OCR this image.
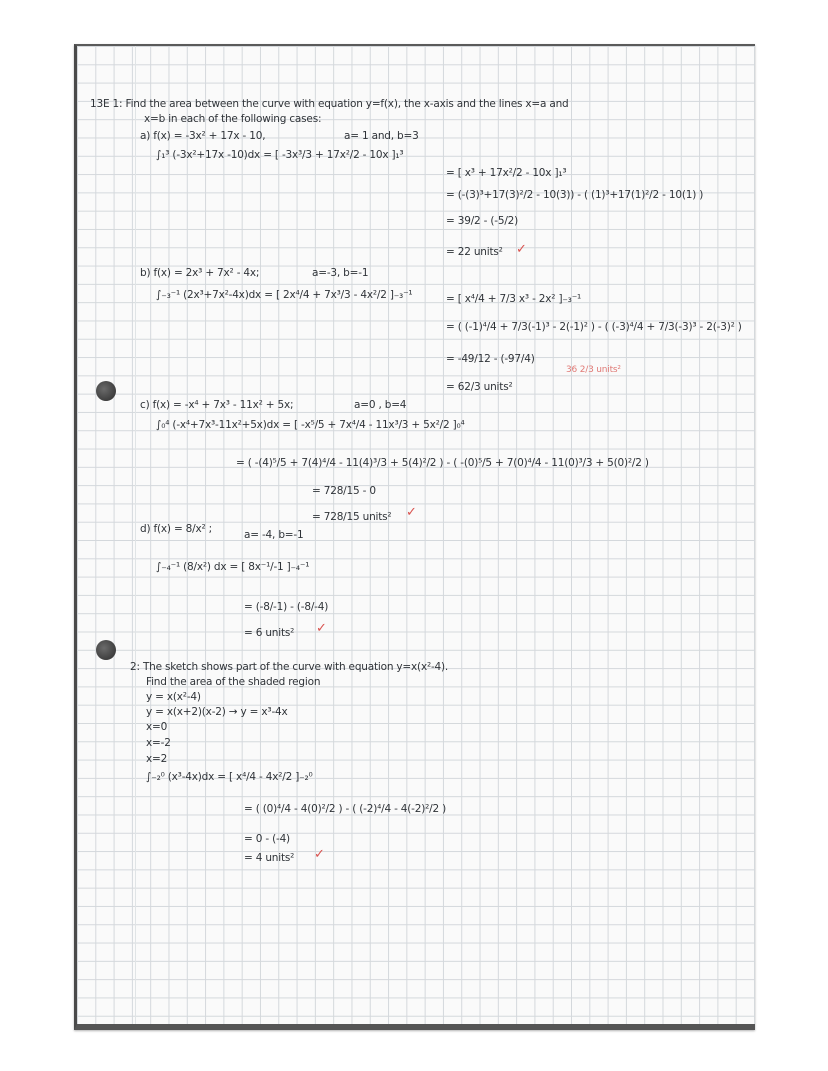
13E 1: Find the area between the curve with equation y=f(x), the x-axis and the lines x=a and
x=b in each of the following cases:
a) f(x) = -3x² + 17x - 10,	a= 1 and, b=3
∫₁³ (-3x²+17x -10)dx = [ -3x³/3 + 17x²/2 - 10x ]₁³
= [ x³ + 17x²/2 - 10x ]₁³
= (-(3)³+17(3)²/2 - 10(3)) - ( (1)³+17(1)²/2 - 10(1) )
= 39/2 - (-5/2)
= 22 units² ✓
b) f(x) = 2x³ + 7x² - 4x;	a=-3, b=-1
∫₋₃⁻¹ (2x³+7x²-4x)dx = [ 2x⁴/4 + 7x³/3 - 4x²/2 ]₋₃⁻¹	= [ x⁴/4 + 7/3 x³ - 2x² ]₋₃⁻¹
= ( (-1)⁴/4 + 7/3(-1)³ - 2(-1)² ) - ( (-3)⁴/4 + 7/3(-3)³ - 2(-3)² )
= -49/12 - (-97/4)
36 2/3 units²
= 62/3 units²
c) f(x) = -x⁴ + 7x³ - 11x² + 5x;	a=0 , b=4
∫₀⁴ (-x⁴+7x³-11x²+5x)dx = [ -x⁵/5 + 7x⁴/4 - 11x³/3 + 5x²/2 ]₀⁴
= ( -(4)⁵/5 + 7(4)⁴/4 - 11(4)³/3 + 5(4)²/2 ) - ( -(0)⁵/5 + 7(0)⁴/4 - 11(0)³/3 + 5(0)²/2 )
= 728/15 - 0
= 728/15 units² ✓
d) f(x) = 8/x² ;	a= -4, b=-1
∫₋₄⁻¹ (8/x²) dx = [ 8x⁻¹/-1 ]₋₄⁻¹
= (-8/-1) - (-8/-4)
= 6 units² ✓
2: The sketch shows part of the curve with equation y=x(x²-4).
Find the area of the shaded region
y = x(x²-4)
y = x(x+2)(x-2) → y = x³-4x
x=0
x=-2
x=2
∫₋₂⁰ (x³-4x)dx = [ x⁴/4 - 4x²/2 ]₋₂⁰
= ( (0)⁴/4 - 4(0)²/2 ) - ( (-2)⁴/4 - 4(-2)²/2 )
= 0 - (-4)
= 4 units² ✓
